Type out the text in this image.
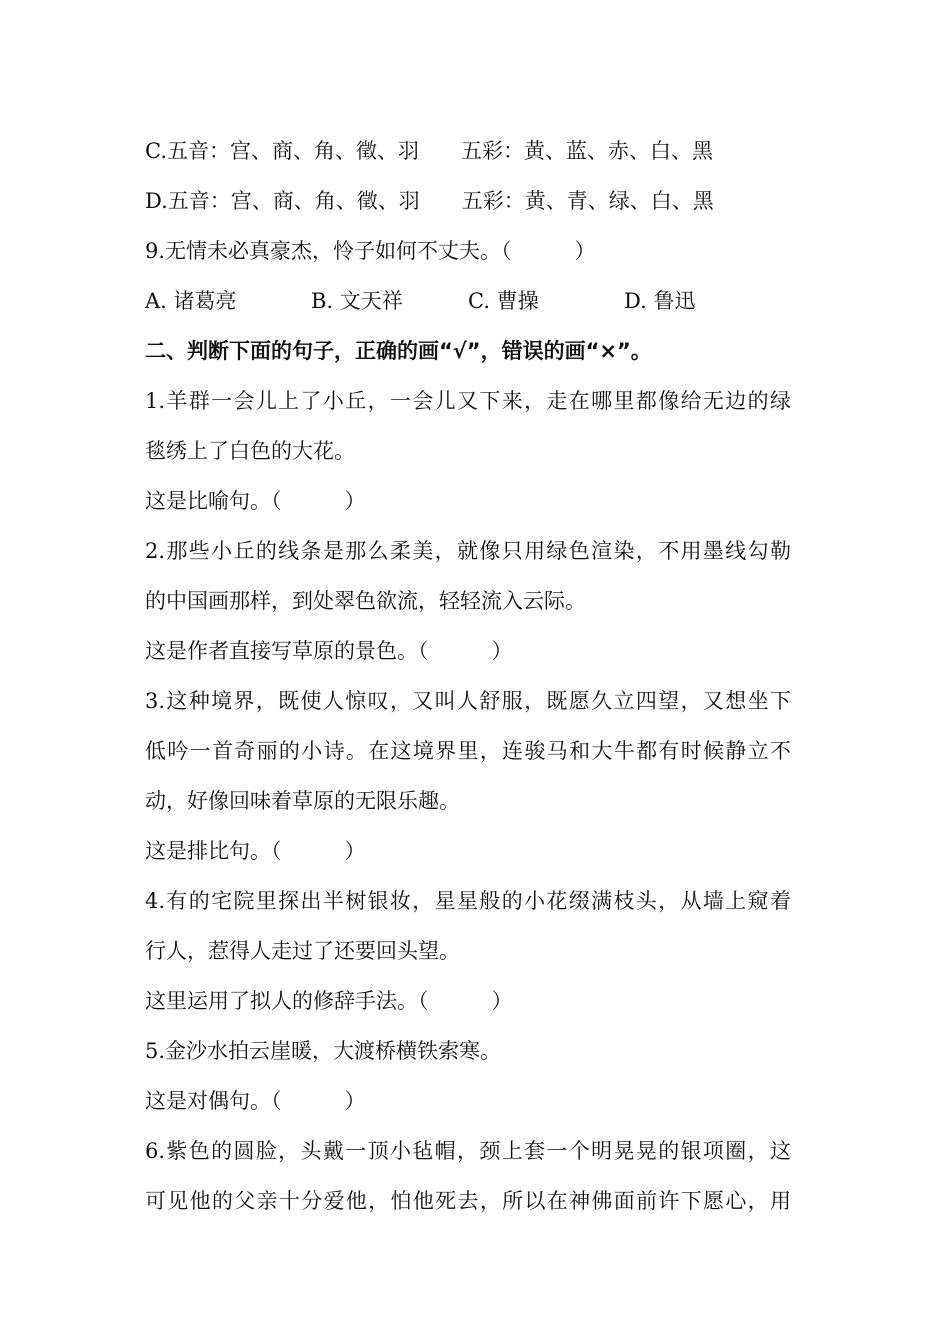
C.五音：宫、商、角、徵、羽　　五彩：黄、蓝、赤、白、黑
D.五音：宫、商、角、徵、羽　　五彩：黄、青、绿、白、黑
9.无情未必真豪杰，怜子如何不丈夫。（　　　）
A. 诸葛亮	B. 文天祥	C. 曹操	D. 鲁迅
二、判断下面的句子，正确的画“√”，错误的画“×”。
1.羊群一会儿上了小丘，一会儿又下来，走在哪里都像给无边的绿
毯绣上了白色的大花。
这是比喻句。（　　　）
2.那些小丘的线条是那么柔美，就像只用绿色渲染，不用墨线勾勒
的中国画那样，到处翠色欲流，轻轻流入云际。
这是作者直接写草原的景色。（　　　）
3.这种境界，既使人惊叹，又叫人舒服，既愿久立四望，又想坐下
低吟一首奇丽的小诗。在这境界里，连骏马和大牛都有时候静立不
动，好像回味着草原的无限乐趣。
这是排比句。（　　　）
4.有的宅院里探出半树银妆，星星般的小花缀满枝头，从墙上窥着
行人，惹得人走过了还要回头望。
这里运用了拟人的修辞手法。（　　　）
5.金沙水拍云崖暖，大渡桥横铁索寒。
这是对偶句。（　　　）
6.紫色的圆脸，头戴一顶小毡帽，颈上套一个明晃晃的银项圈，这
可见他的父亲十分爱他，怕他死去，所以在神佛面前许下愿心，用
